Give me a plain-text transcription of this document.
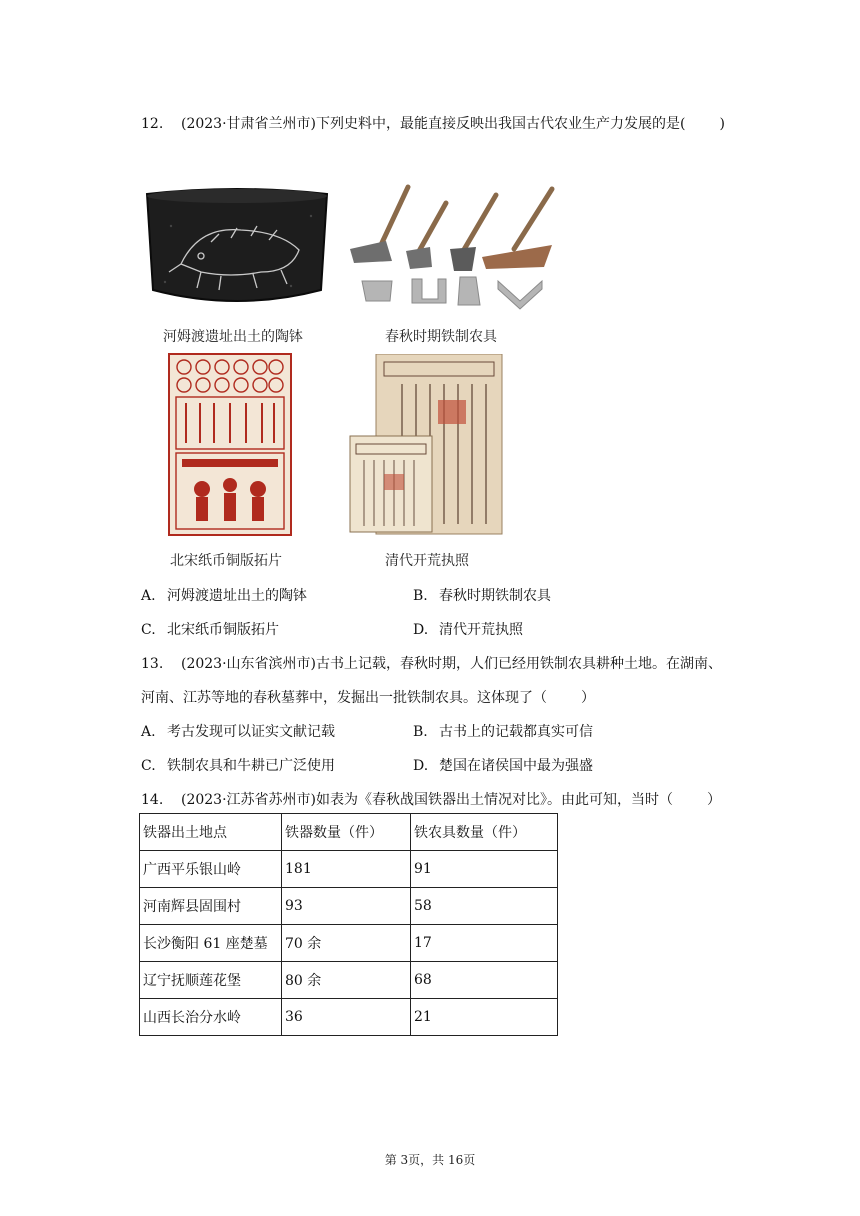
12. (2023·甘肃省兰州市)下列史料中，最能直接反映出我国古代农业生产力发展的是( )
河姆渡遗址出土的陶钵	春秋时期铁制农具
北宋纸币铜版拓片	清代开荒执照
A. 河姆渡遗址出土的陶钵	B. 春秋时期铁制农具
C. 北宋纸币铜版拓片	D. 清代开荒执照
13. (2023·山东省滨州市)古书上记载，春秋时期，人们已经用铁制农具耕种土地。在湖南、
河南、江苏等地的春秋墓葬中，发掘出一批铁制农具。这体现了（ ）
A. 考古发现可以证实文献记载	B. 古书上的记载都真实可信
C. 铁制农具和牛耕已广泛使用	D. 楚国在诸侯国中最为强盛
14. (2023·江苏省苏州市)如表为《春秋战国铁器出土情况对比》。由此可知，当时（ ）
铁器出土地点	铁器数量（件）	铁农具数量（件）
广西平乐银山岭	181	91
河南辉县固围村	93	58
长沙衡阳 61 座楚墓	70 余	17
辽宁抚顺莲花堡	80 余	68
山西长治分水岭	36	21
第 3页，共 16页
